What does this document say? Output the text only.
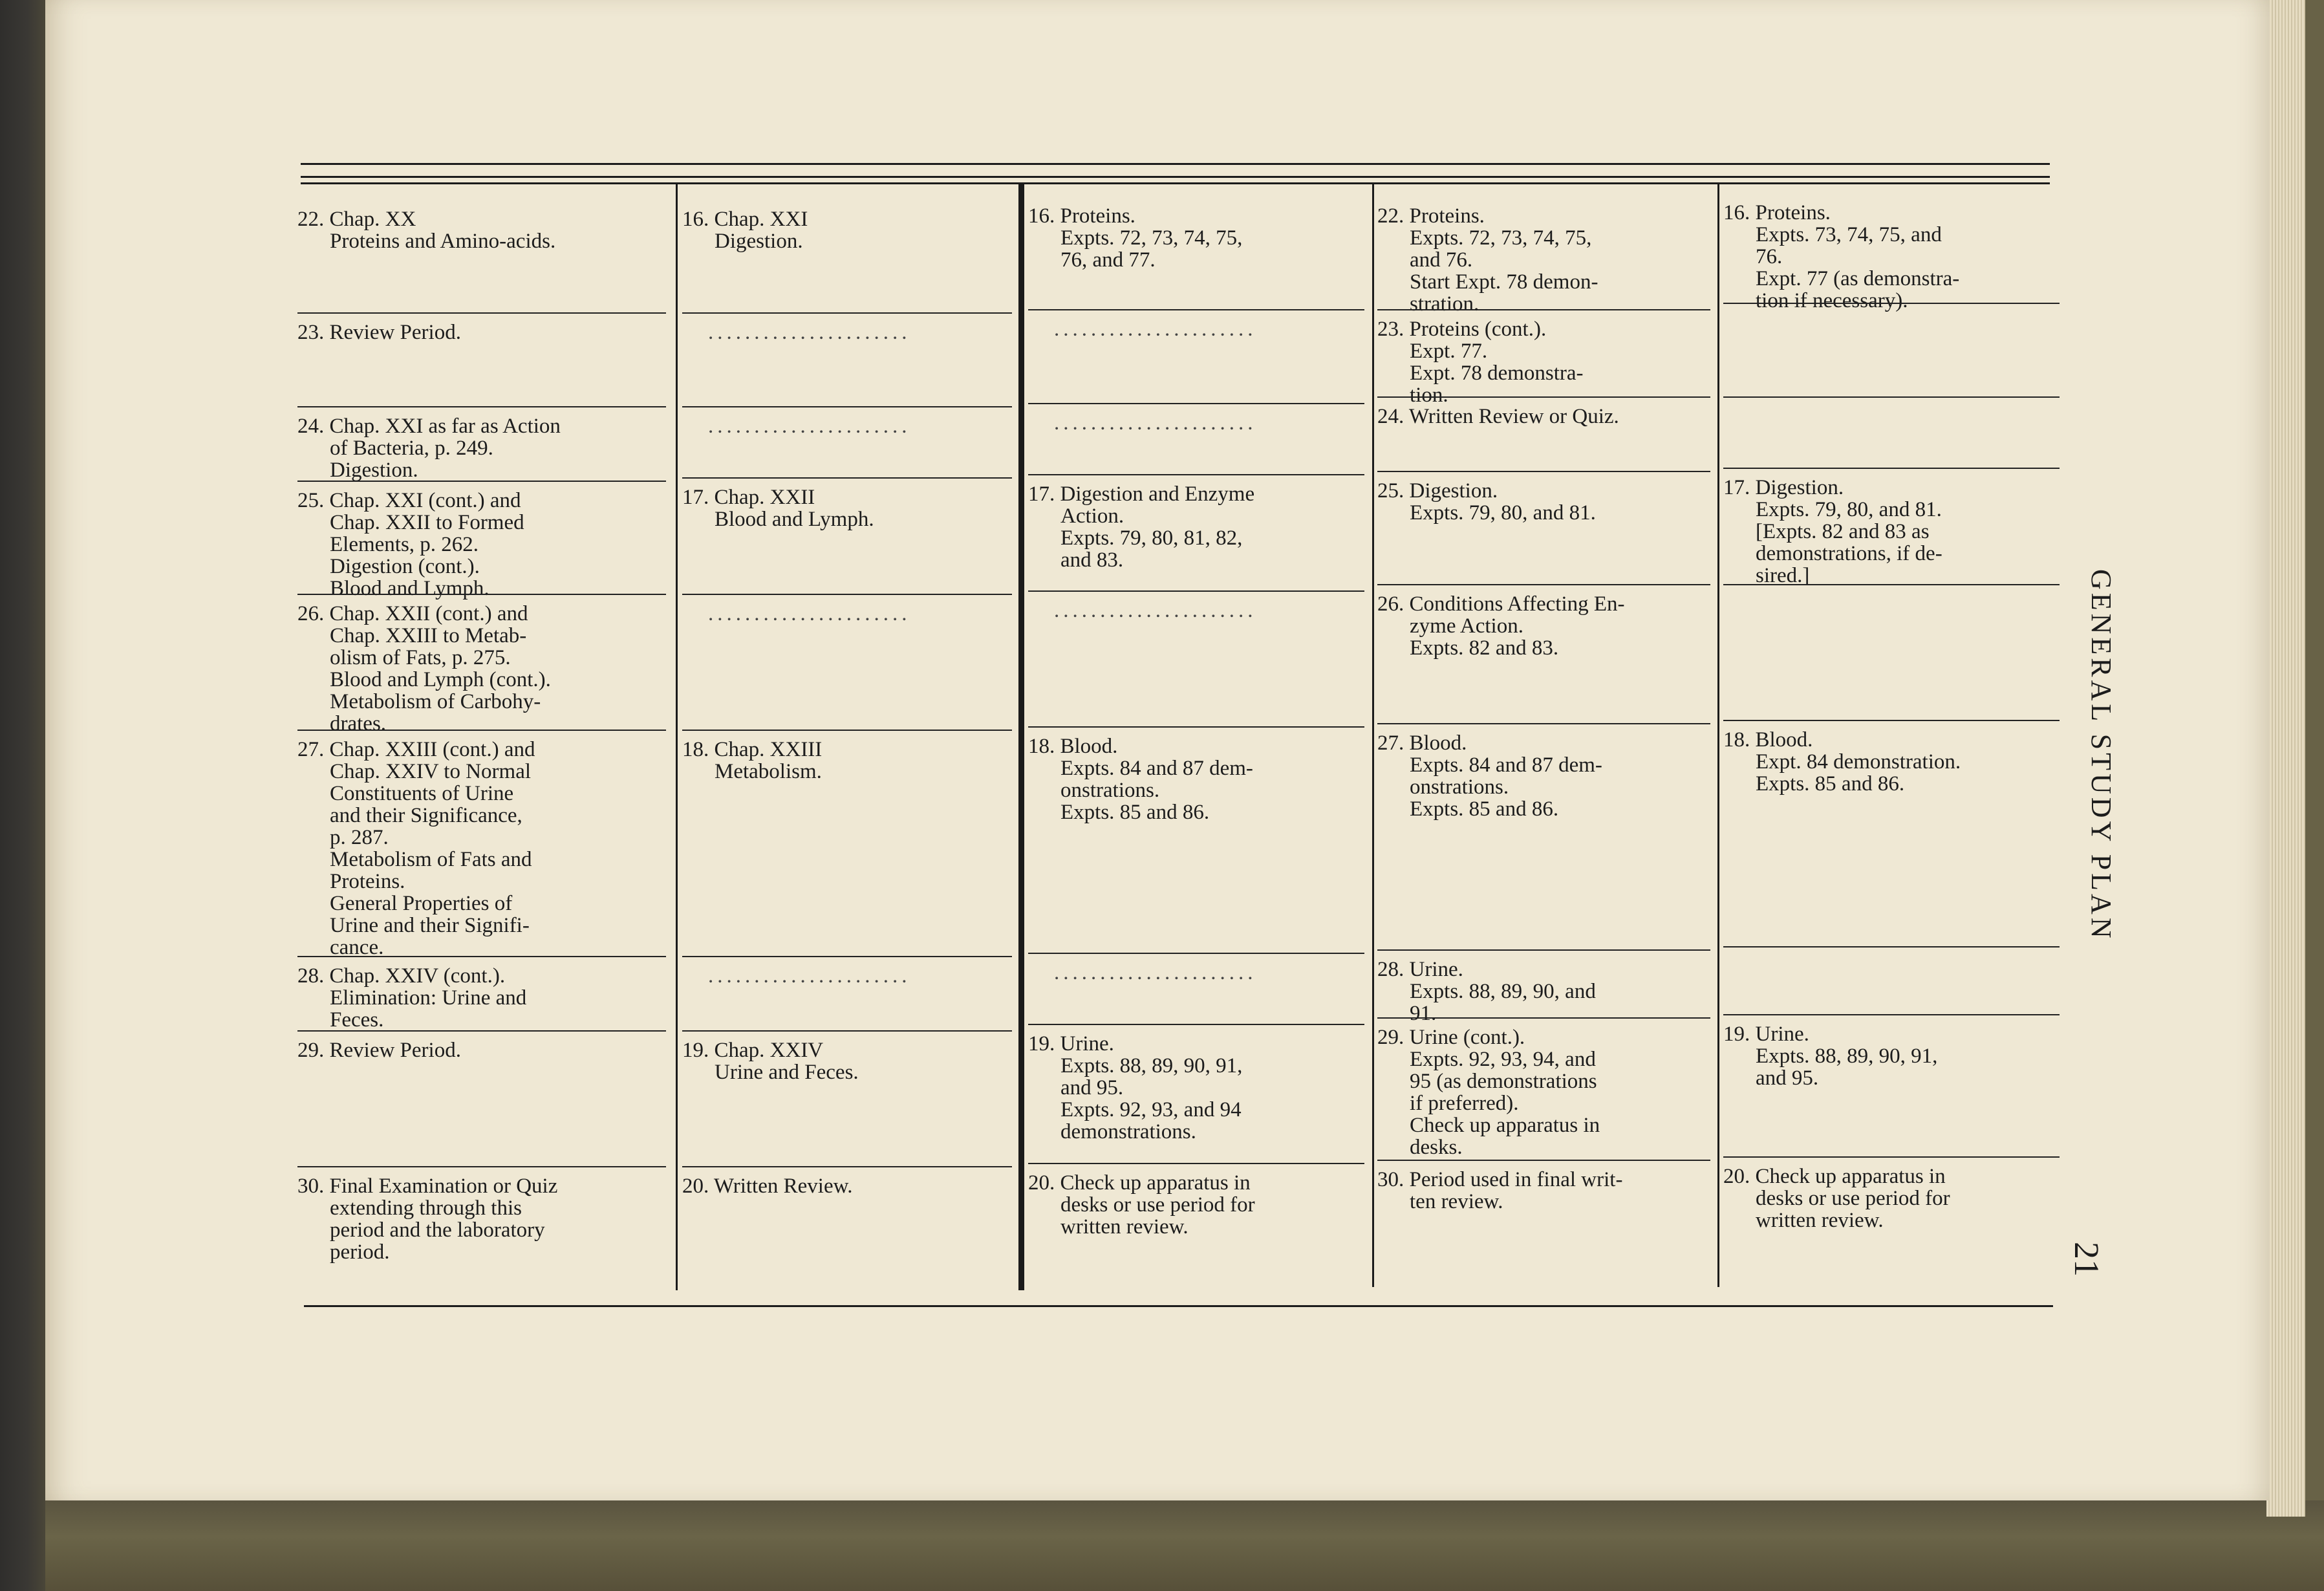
22. Chap. XX
Proteins and Amino-acids.
23. Review Period.
24. Chap. XXI as far as Action
of Bacteria, p. 249.
Digestion.
25. Chap. XXI (cont.) and
Chap. XXII to Formed
Elements, p. 262.
Digestion (cont.).
Blood and Lymph.
26. Chap. XXII (cont.) and
Chap. XXIII to Metab-
olism of Fats, p. 275.
Blood and Lymph (cont.).
Metabolism of Carbohy-
drates.
27. Chap. XXIII (cont.) and
Chap. XXIV to Normal
Constituents of Urine
and their Significance,
p. 287.
Metabolism of Fats and
Proteins.
General Properties of
Urine and their Signifi-
cance.
28. Chap. XXIV (cont.).
Elimination: Urine and
Feces.
29. Review Period.
30. Final Examination or Quiz
extending through this
period and the laboratory
period.
16. Chap. XXI
Digestion.
......................
......................
17. Chap. XXII
Blood and Lymph.
......................
18. Chap. XXIII
Metabolism.
......................
19. Chap. XXIV
Urine and Feces.
20. Written Review.
16. Proteins.
Expts. 72, 73, 74, 75,
76, and 77.
......................
......................
17. Digestion and Enzyme
Action.
Expts. 79, 80, 81, 82,
and 83.
......................
18. Blood.
Expts. 84 and 87 dem-
onstrations.
Expts. 85 and 86.
......................
19. Urine.
Expts. 88, 89, 90, 91,
and 95.
Expts. 92, 93, and 94
demonstrations.
20. Check up apparatus in
desks or use period for
written review.
22. Proteins.
Expts. 72, 73, 74, 75,
and 76.
Start Expt. 78 demon-
stration.
23. Proteins (cont.).
Expt. 77.
Expt. 78 demonstra-
tion.
24. Written Review or Quiz.
25. Digestion.
Expts. 79, 80, and 81.
26. Conditions Affecting En-
zyme Action.
Expts. 82 and 83.
27. Blood.
Expts. 84 and 87 dem-
onstrations.
Expts. 85 and 86.
28. Urine.
Expts. 88, 89, 90, and
91.
29. Urine (cont.).
Expts. 92, 93, 94, and
95 (as demonstrations
if preferred).
Check up apparatus in
desks.
30. Period used in final writ-
ten review.
16. Proteins.
Expts. 73, 74, 75, and
76.
Expt. 77 (as demonstra-
tion if necessary).
17. Digestion.
Expts. 79, 80, and 81.
[Expts. 82 and 83 as
demonstrations, if de-
sired.]
18. Blood.
Expt. 84 demonstration.
Expts. 85 and 86.
19. Urine.
Expts. 88, 89, 90, 91,
and 95.
20. Check up apparatus in
desks or use period for
written review.
21
